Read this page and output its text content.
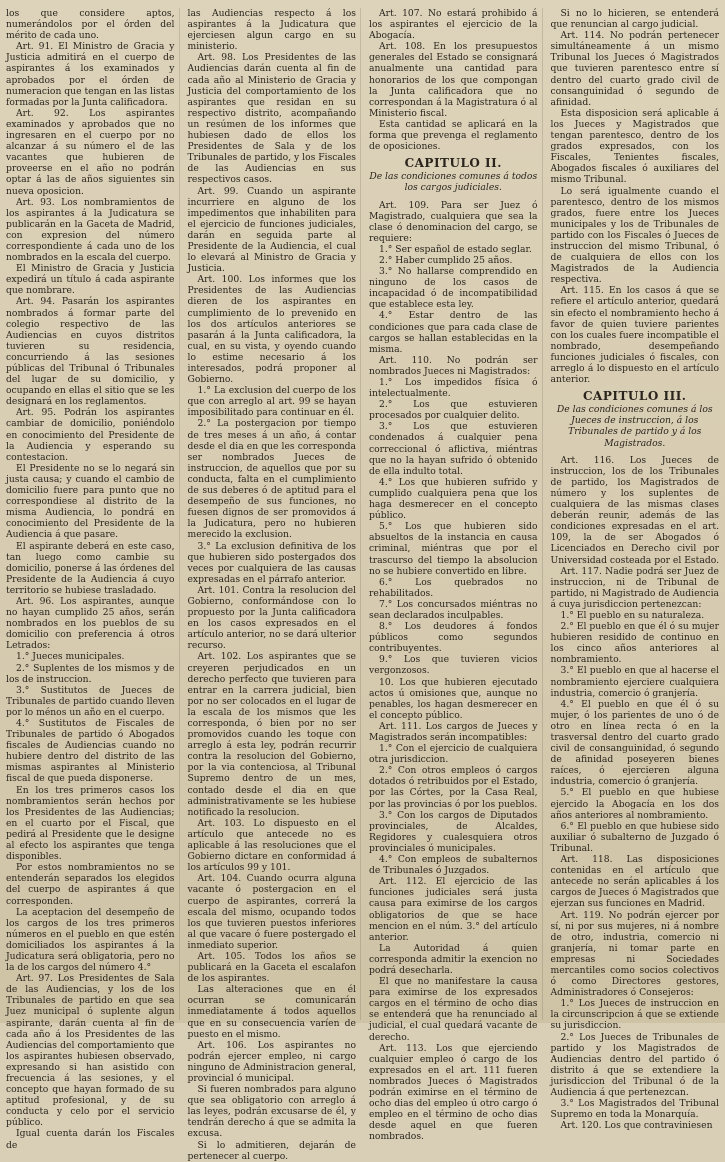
los que considere aptos, numerándolos por el órden del mérito de cada uno.

Art. 91. El Ministro de Gracia y Justicia admitirá en el cuerpo de aspirantes á los examinados y aprobados por el órden de numeracion que tengan en las listas formadas por la Junta calificadora.

Art. 92. Los aspirantes examinados y aprobados que no ingresaren en el cuerpo por no alcanzar á su número el de las vacantes que hubieren de proveerse en el año no podrán optar á las de años siguientes sin nueva oposicion.

Art. 93. Los nombramientos de los aspirantes á la Judicatura se publicarán en la Gaceta de Madrid, con expresion del número correspondiente á cada uno de los nombrados en la escala del cuerpo.

El Ministro de Gracia y Justicia expedirá un título á cada aspirante que nombrare.

Art. 94. Pasarán los aspirantes nombrados á formar parte del colegio respectivo de las Audiencias en cuyos distritos tuvieren su residencia, concurriendo á las sesiones públicas del Tribunal ó Tribunales del lugar de su domicilio, y ocupando en ellas el sitio que se les designará en los reglamentos.

Art. 95. Podrán los aspirantes cambiar de domicilio, poniéndolo en conocimiento del Presidente de la Audiencia y esperando su contestacion.

El Presidente no se lo negará sin justa causa; y cuando el cambio de domicilio fuere para punto que no correspondiese al distrito de la misma Audiencia, lo pondrá en conocimiento del Presidente de la Audiencia á que pasare.

El aspirante deberá en este caso, tan luego como cambie su domicilio, ponerse á las órdenes del Presidente de la Audiencia á cuyo territorio se hubiese trasladado.

Art. 96. Los aspirantes, aunque no hayan cumplido 25 años, serán nombrados en los pueblos de su domicilio con preferencia á otros Letrados:

1.° Jueces municipales.

2.° Suplentes de los mismos y de los de instruccion.

3.° Sustitutos de Jueces de Tribunales de partido cuando lleven por lo ménos un año en el cuerpo.

4.° Sustitutos de Fiscales de Tribunales de partido ó Abogados fiscales de Audiencias cuando no hubiere dentro del distrito de las mismas aspirantes al Ministerio fiscal de que pueda disponerse.

En los tres primeros casos los nombramientos serán hechos por los Presidentes de las Audiencias; en el cuarto por el Fiscal, que pedirá al Presidente que le designe al efecto los aspirantes que tenga disponibles.

Por estos nombramientos no se entenderán separados los elegidos del cuerpo de aspirantes á que corresponden.

La aceptacion del desempeño de los cargos de los tres primeros números en el pueblo en que estén domiciliados los aspirantes á la Judicatura será obligatoria, pero no la de los cargos del número 4.°

Art. 97. Los Presidentes de Sala de las Audiencias, y los de los Tribunales de partido en que sea Juez municipal ó suplente algun aspirante, darán cuenta al fin de cada año á los Presidentes de las Audiencias del comportamiento que los aspirantes hubiesen observado, expresando si han asistido con frecuencia á las sesiones, y el concepto que hayan formado de su aptitud profesional, y de su conducta y celo por el servicio público.

Igual cuenta darán los Fiscales de

las Audiencias respecto á los aspirantes á la Judicatura que ejerciesen algun cargo en su ministerio.

Art. 98. Los Presidentes de las Audiencias darán cuenta al fin de cada año al Ministerio de Gracia y Justicia del comportamiento de los aspirantes que residan en su respectivo distrito, acompañando un resúmen de los informes que hubiesen dado de ellos los Presidentes de Sala y de los Tribunales de partido, y los Fiscales de las Audiencias en sus respectivos casos.

Art. 99. Cuando un aspirante incurriere en alguno de los impedimentos que inhabiliten para el ejercicio de funciones judiciales, darán en seguida parte al Presidente de la Audiencia, el cual lo elevará al Ministro de Gracia y Justicia.

Art. 100. Los informes que los Presidentes de las Audiencias dieren de los aspirantes en cumplimiento de lo prevenido en los dos artículos anteriores se pasarán á la Junta calificadora, la cual, en su vista, y oyendo cuando lo estime necesario á los interesados, podrá proponer al Gobierno.

1.° La exclusion del cuerpo de los que con arreglo al art. 99 se hayan imposibilitado para continuar en él.

2.° La postergacion por tiempo de tres meses á un año, á contar desde el dia en que les corresponda ser nombrados Jueces de instruccion, de aquellos que por su conducta, falta en el cumplimiento de sus deberes ó de aptitud para el desempeño de sus funciones, no fuesen dignos de ser promovidos á la Judicatura, pero no hubieren merecido la exclusion.

3.° La exclusion definitiva de los que hubieren sido postergados dos veces por cualquiera de las causas expresadas en el párrafo anterior.

Art. 101. Contra la resolucion del Gobierno, conformándose con lo propuesto por la Junta calificadora en los casos expresados en el artículo anterior, no se dará ulterior recurso.

Art. 102. Los aspirantes que se creyeren perjudicados en un derecho perfecto que tuvieren para entrar en la carrera judicial, bien por no ser colocados en el lugar de la escala de los mismos que les corresponda, ó bien por no ser promovidos cuando les toque con arreglo á esta ley, podrán recurrir contra la resolucion del Gobierno, por la via contenciosa, al Tribunal Supremo dentro de un mes, contado desde el dia en que administrativamente se les hubiese notificado la resolucion.

Art. 103. Lo dispuesto en el artículo que antecede no es aplicable á las resoluciones que el Gobierno dictare en conformidad á los artículos 99 y 101.

Art. 104. Cuando ocurra alguna vacante ó postergacion en el cuerpo de aspirantes, correrá la escala del mismo, ocupando todos los que tuvieren puestos inferiores al que vacare ó fuere postergado el inmediato superior.

Art. 105. Todos los años se publicará en la Gaceta el escalafon de los aspirantes.

Las alteraciones que en él ocurran se comunicarán inmediatamente á todos aquellos que en su consecuencia varíen de puesto en el mismo.

Art. 106. Los aspirantes no podrán ejercer empleo, ni cargo ninguno de Administracion general, provincial ó municipal.

Si fueren nombrados para alguno que sea obligatorio con arreglo á las leyes, podrán excusarse de él, y tendrán derecho á que se admita la excusa.

Si lo admitieren, dejarán de pertenecer al cuerpo.

Art. 107. No estará prohibido á los aspirantes el ejercicio de la Abogacía.

Art. 108. En los presupuestos generales del Estado se consignará anualmente una cantidad para honorarios de los que compongan la Junta calificadora que no correspondan á la Magistratura ó al Ministerio fiscal.

Esta cantidad se aplicará en la forma que prevenga el reglamento de oposiciones.

CAPITULO II.
De las condiciones comunes á todos los cargos judiciales.

Art. 109. Para ser Juez ó Magistrado, cualquiera que sea la clase ó denominacion del cargo, se requiere:

1.° Ser español de estado seglar.

2.° Haber cumplido 25 años.

3.° No hallarse comprendido en ninguno de los casos de incapacidad ó de incompatibilidad que establece esta ley.

4.° Estar dentro de las condiciones que para cada clase de cargos se hallan establecidas en la misma.

Art. 110. No podrán ser nombrados Jueces ni Magistrados:

1.° Los impedidos física ó intelectualmente.

2.° Los que estuvieren procesados por cualquier delito.

3.° Los que estuvieren condenados á cualquier pena correccional ó aflictiva, miéntras que no la hayan sufrido ó obtenido de ella indulto total.

4.° Los que hubieren sufrido y cumplido cualquiera pena que los haga desmerecer en el concepto público.

5.° Los que hubieren sido absueltos de la instancia en causa criminal, miéntras que por el trascurso del tiempo la absolucion no se hubiere convertido en libre.

6.° Los quebrados no rehabilitados.

7.° Los concursados miéntras no sean declarados inculpables.

8.° Los deudores á fondos públicos como segundos contribuyentes.

9.° Los que tuvieren vicios vergonzosos.

10. Los que hubieren ejecutado actos ú omisiones que, aunque no penables, los hagan desmerecer en el concepto público.

Art. 111. Los cargos de Jueces y Magistrados serán incompatibles:

1.° Con el ejercicio de cualquiera otra jurisdiccion.

2.° Con otros empleos ó cargos dotados ó retribuidos por el Estado, por las Córtes, por la Casa Real, por las provincias ó por los pueblos.

3.° Con los cargos de Diputados provinciales, de Alcaldes, Regidores y cualesquiera otros provinciales ó municipales.

4.° Con empleos de subalternos de Tribunales ó Juzgados.

Art. 112. El ejercicio de las funciones judiciales será justa causa para eximirse de los cargos obligatorios de que se hace mencion en el núm. 3.° del artículo anterior.

La Autoridad á quien corresponda admitir la exencion no podrá desecharla.

El que no manifestare la causa para eximirse de los expresados cargos en el término de ocho dias se entenderá que ha renunciado al judicial, el cual quedará vacante de derecho.

Art. 113. Los que ejerciendo cualquier empleo ó cargo de los expresados en el art. 111 fueren nombrados Jueces ó Magistrados podrán eximirse en el término de ocho dias del empleo ú otro cargo ó empleo en el término de ocho dias desde aquel en que fueren nombrados.

Si no lo hicieren, se entenderá que renuncian al cargo judicial.

Art. 114. No podrán pertenecer simultáneamente á un mismo Tribunal los Jueces ó Magistrados que tuvieren parentesco entre sí dentro del cuarto grado civil de consanguinidad ó segundo de afinidad.

Esta disposicion será aplicable á los Jueces y Magistrados que tengan parentesco, dentro de los grados expresados, con los Fiscales, Tenientes fiscales, Abogados fiscales ó auxiliares del mismo Tribunal.

Lo será igualmente cuando el parentesco, dentro de los mismos grados, fuere entre los Jueces municipales y los de Tribunales de partido con los Fiscales ó Jueces de instruccion del mismo Tribunal, ó de cualquiera de ellos con los Magistrados de la Audiencia respectiva.

Art. 115. En los casos á que se refiere el artículo anterior, quedará sin efecto el nombramiento hecho á favor de quien tuviere parientes con los cuales fuere incompatible el nombrado, desempeñando funciones judiciales ó fiscales, con arreglo á lo dispuesto en el artículo anterior.

CAPITULO III.
De las condiciones comunes á los Jueces de instruccion, á los Tribunales de partido y á los Magistrados.

Art. 116. Los Jueces de instruccion, los de los Tribunales de partido, los Magistrados de número y los suplentes de cualquiera de las mismas clases deberán reunir, además de las condiciones expresadas en el art. 109, la de ser Abogados ó Licenciados en Derecho civil por Universidad costeada por el Estado.

Art. 117. Nadie podrá ser Juez de instruccion, ni de Tribunal de partido, ni Magistrado de Audiencia á cuya jurisdiccion pertenezcan:

1.° El pueblo en su naturaleza.

2.° El pueblo en que él ó su mujer hubieren residido de continuo en los cinco años anteriores al nombramiento.

3.° El pueblo en que al hacerse el nombramiento ejerciere cualquiera industria, comercio ó granjería.

4.° El pueblo en que él ó su mujer, ó los parientes de uno ó de otro en línea recta ó en la trasversal dentro del cuarto grado civil de consanguinidad, ó segundo de afinidad poseyeren bienes raíces, ó ejercieren alguna industria, comercio ó granjería.

5.° El pueblo en que hubiese ejercido la Abogacía en los dos años anteriores al nombramiento.

6.° El pueblo en que hubiese sido auxiliar ó subalterno de Juzgado ó Tribunal.

Art. 118. Las disposiciones contenidas en el artículo que antecede no serán aplicables á los cargos de Jueces ó Magistrados que ejerzan sus funciones en Madrid.

Art. 119. No podrán ejercer por sí, ni por sus mujeres, ni á nombre de otro, industria, comercio ni granjería, ni tomar parte en empresas ni Sociedades mercantiles como socios colectivos ó como Directores gestores, Administradores ó Consejeros:

1.° Los Jueces de instruccion en la circunscripcion á que se extiende su jurisdiccion.

2.° Los Jueces de Tribunales de partido y los Magistrados de Audiencias dentro del partido ó distrito á que se extendiere la jurisdiccion del Tribunal ó de la Audiencia á que pertenezcan.

3.° Los Magistrados del Tribunal Supremo en toda la Monarquía.

Art. 120. Los que contraviniesen
